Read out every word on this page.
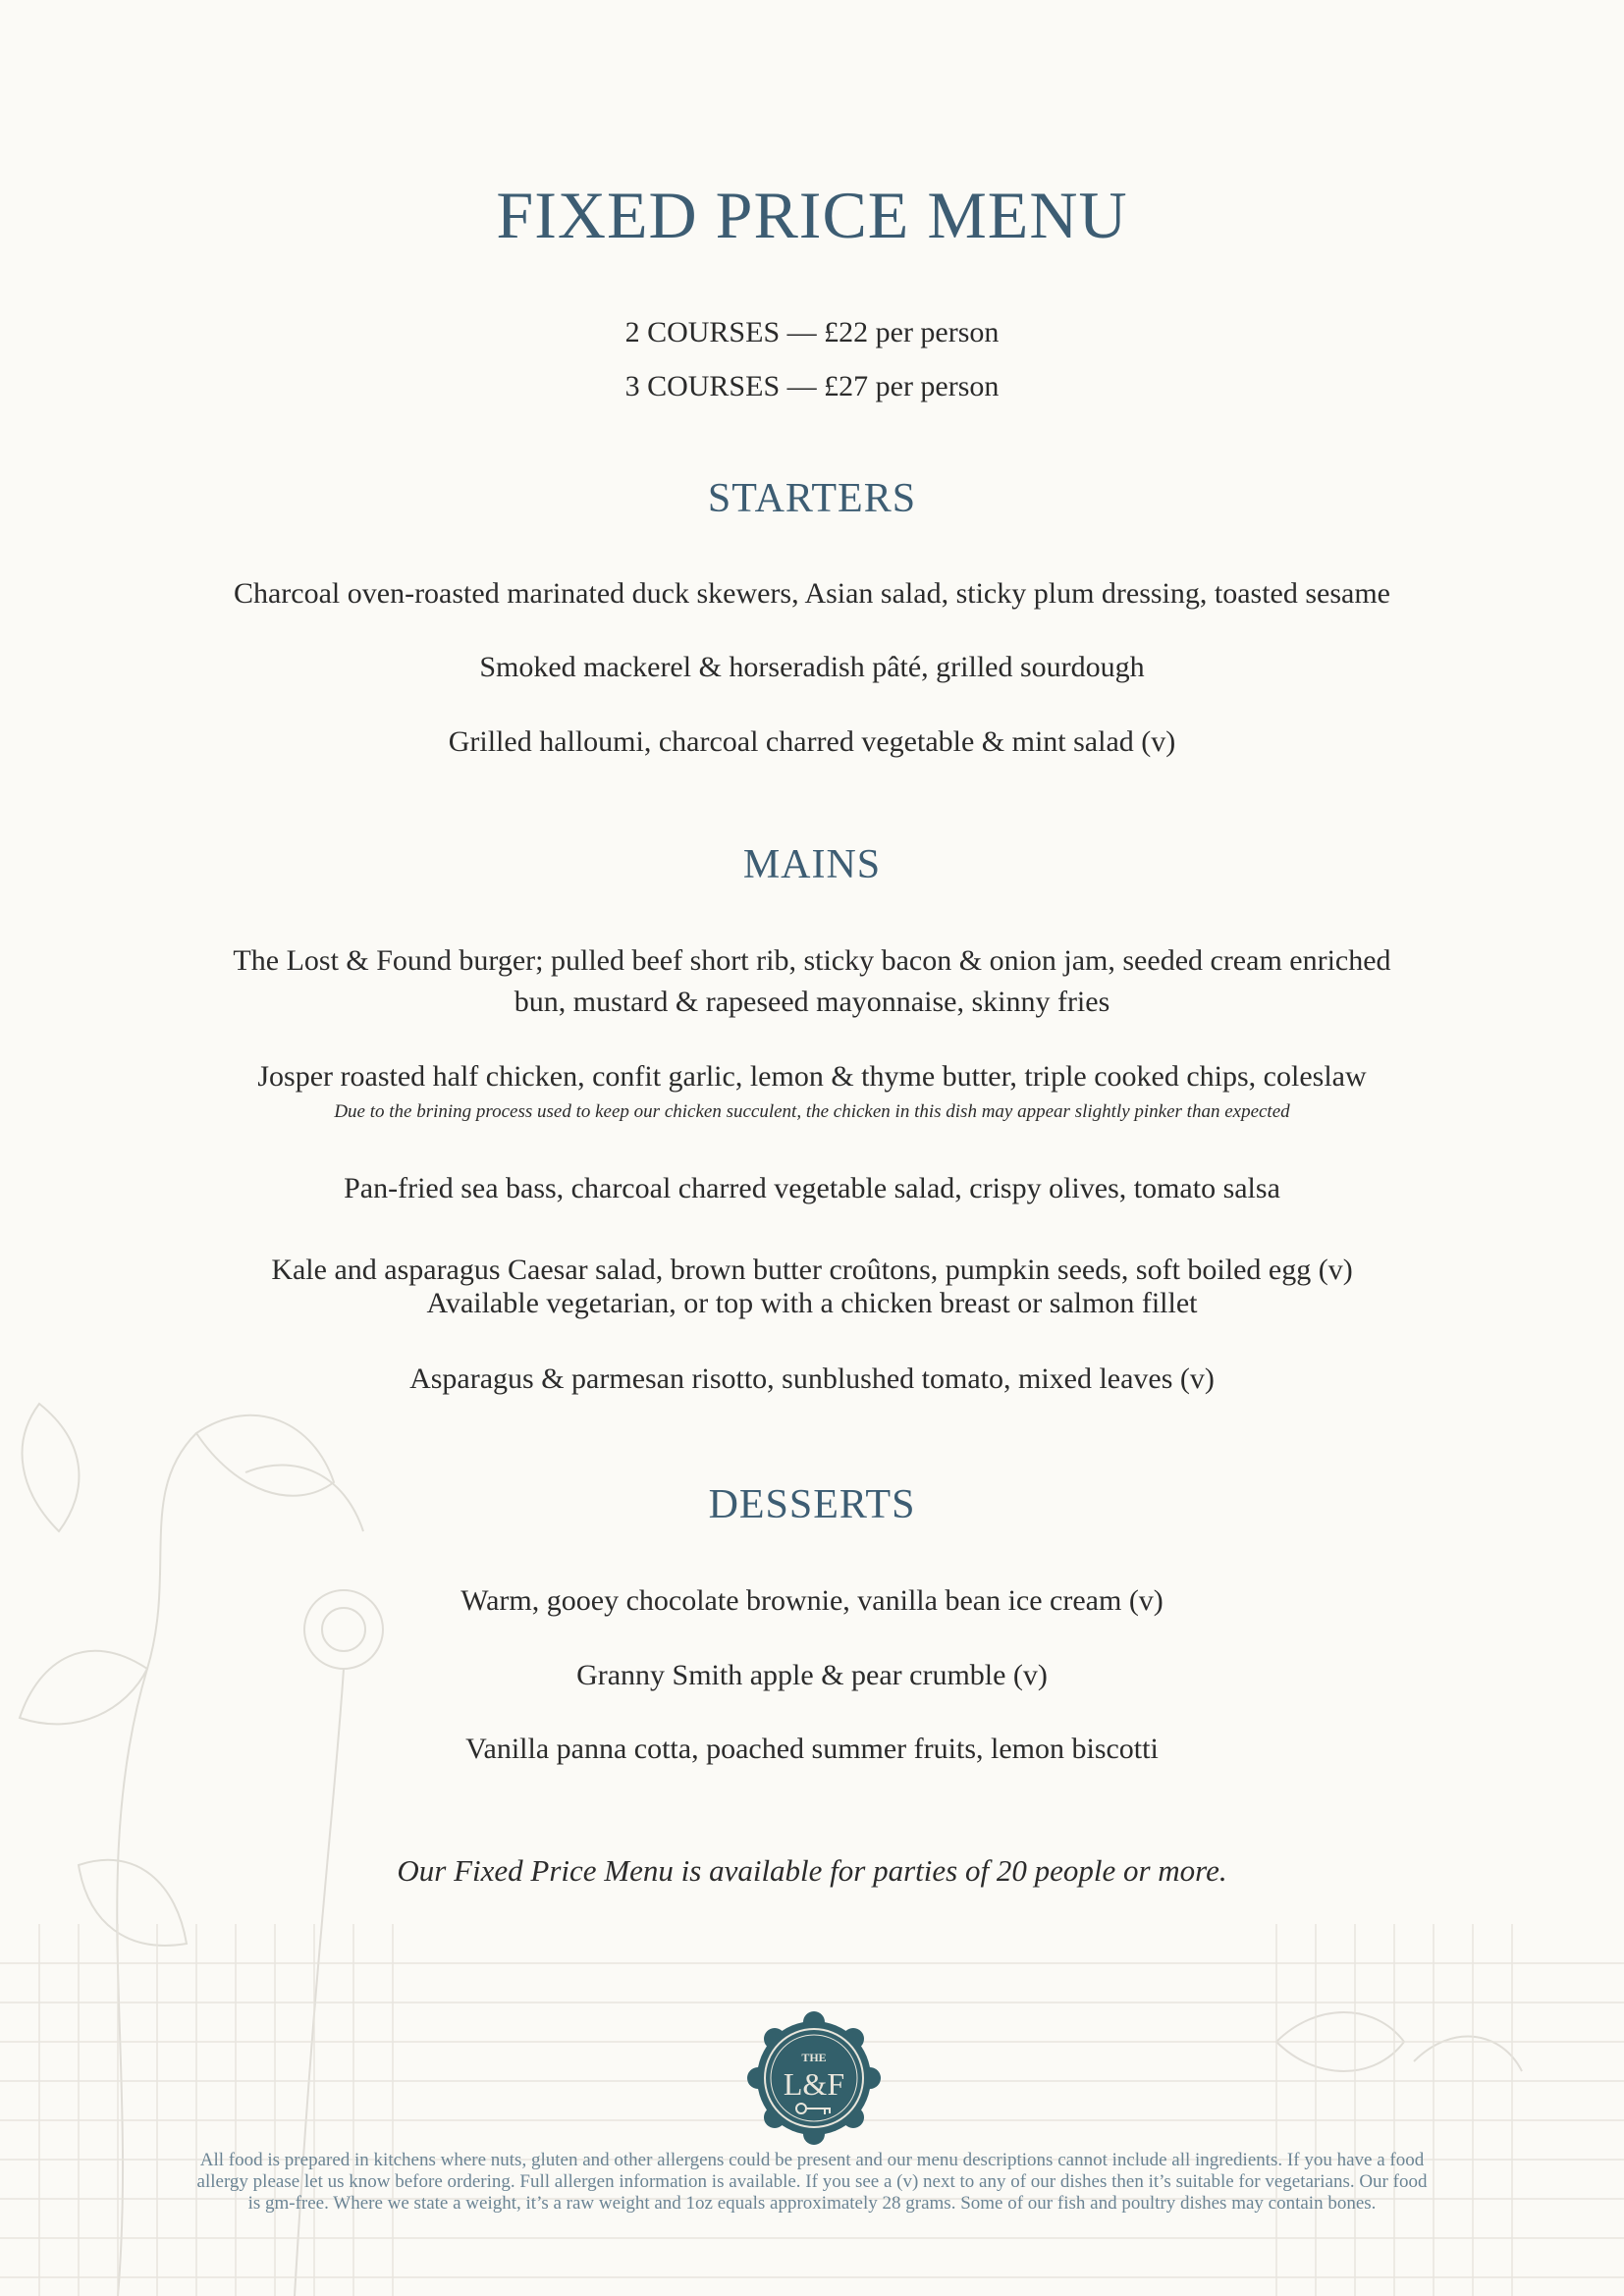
FIXED PRICE MENU
2 COURSES — £22 per person
3 COURSES — £27 per person
STARTERS
Charcoal oven-roasted marinated duck skewers, Asian salad, sticky plum dressing, toasted sesame
Smoked mackerel & horseradish pâté, grilled sourdough
Grilled halloumi, charcoal charred vegetable & mint salad (v)
MAINS
The Lost & Found burger; pulled beef short rib, sticky bacon & onion jam, seeded cream enriched bun, mustard & rapeseed mayonnaise, skinny fries
Josper roasted half chicken, confit garlic, lemon & thyme butter, triple cooked chips, coleslaw
Due to the brining process used to keep our chicken succulent, the chicken in this dish may appear slightly pinker than expected
Pan-fried sea bass, charcoal charred vegetable salad, crispy olives, tomato salsa
Kale and asparagus Caesar salad, brown butter croûtons, pumpkin seeds, soft boiled egg (v)
Available vegetarian, or top with a chicken breast or salmon fillet
Asparagus & parmesan risotto, sunblushed tomato, mixed leaves (v)
DESSERTS
Warm, gooey chocolate brownie, vanilla bean ice cream (v)
Granny Smith apple & pear crumble (v)
Vanilla panna cotta, poached summer fruits, lemon biscotti
Our Fixed Price Menu is available for parties of 20 people or more.
THE
L&F
All food is prepared in kitchens where nuts, gluten and other allergens could be present and our menu descriptions cannot include all ingredients. If you have a food allergy please let us know before ordering. Full allergen information is available. If you see a (v) next to any of our dishes then it’s suitable for vegetarians. Our food is gm-free. Where we state a weight, it’s a raw weight and 1oz equals approximately 28 grams. Some of our fish and poultry dishes may contain bones.
